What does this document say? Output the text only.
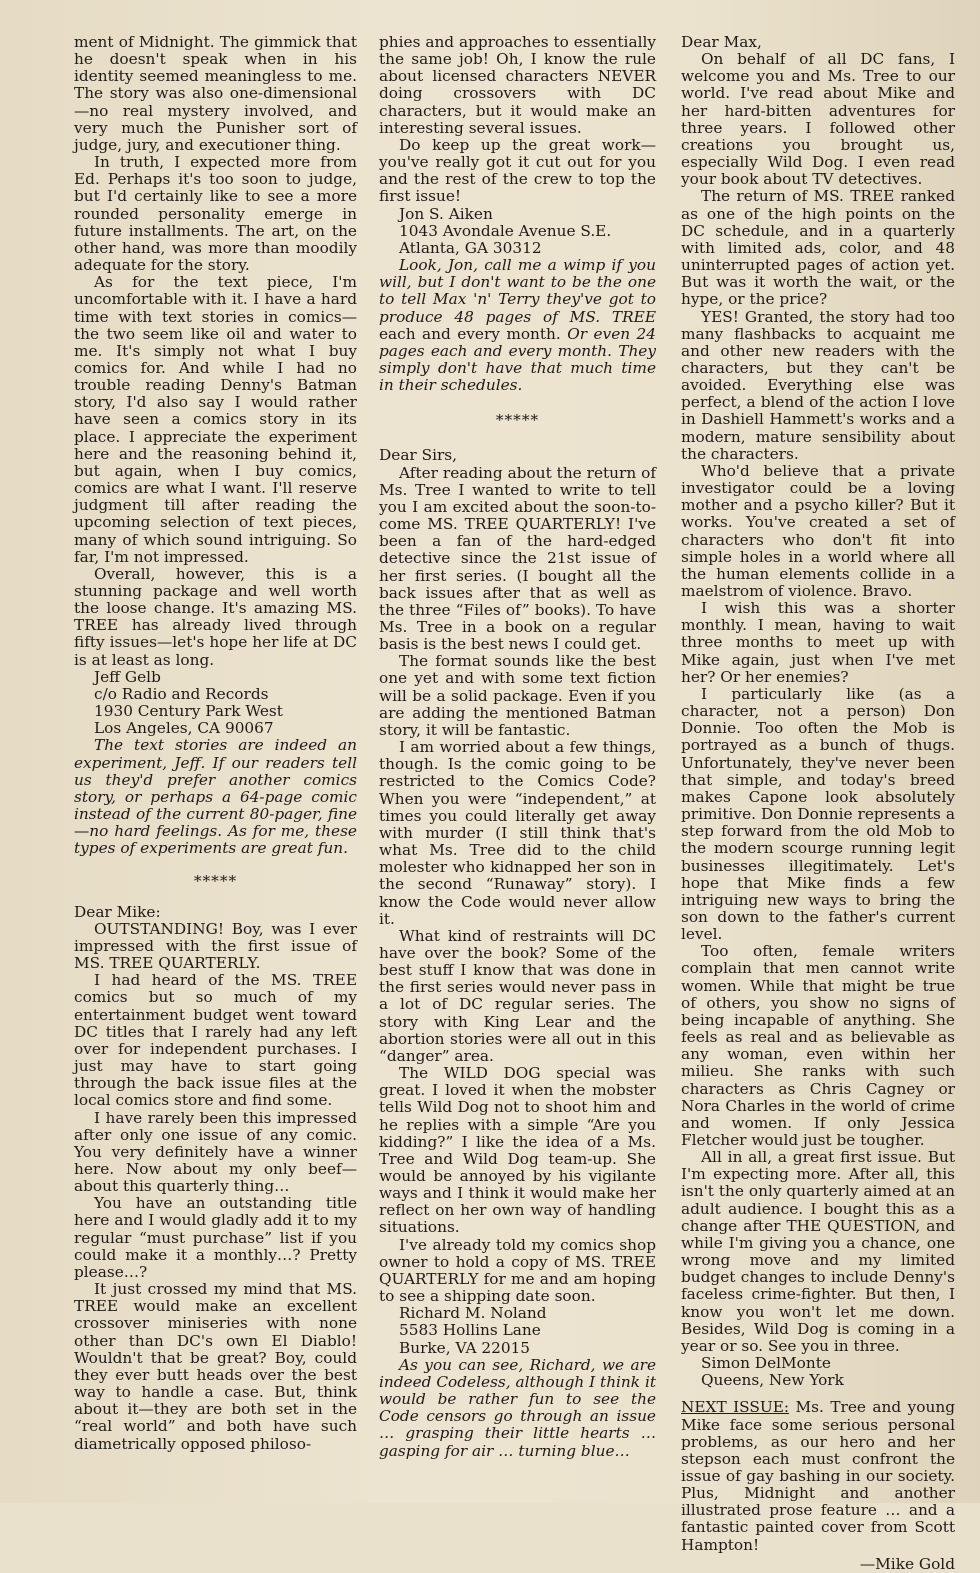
ment of Midnight. The gimmick that he doesn't speak when in his identity seemed meaningless to me. The story was also one-dimensional—no real mystery involved, and very much the Punisher sort of judge, jury, and executioner thing.

In truth, I expected more from Ed. Perhaps it's too soon to judge, but I'd certainly like to see a more rounded personality emerge in future installments. The art, on the other hand, was more than moodily adequate for the story.

As for the text piece, I'm uncomfortable with it. I have a hard time with text stories in comics—the two seem like oil and water to me. It's simply not what I buy comics for. And while I had no trouble reading Denny's Batman story, I'd also say I would rather have seen a comics story in its place. I appreciate the experiment here and the reasoning behind it, but again, when I buy comics, comics are what I want. I'll reserve judgment till after reading the upcoming selection of text pieces, many of which sound intriguing. So far, I'm not impressed.

Overall, however, this is a stunning package and well worth the loose change. It's amazing MS. TREE has already lived through fifty issues—let's hope her life at DC is at least as long.

Jeff Gelb

c/o Radio and Records

1930 Century Park West

Los Angeles, CA 90067

The text stories are indeed an experiment, Jeff. If our readers tell us they'd prefer another comics story, or perhaps a 64-page comic instead of the current 80-pager, fine—no hard feelings. As for me, these types of experiments are great fun.

*****

Dear Mike:

OUTSTANDING! Boy, was I ever impressed with the first issue of MS. TREE QUARTERLY.

I had heard of the MS. TREE comics but so much of my entertainment budget went toward DC titles that I rarely had any left over for independent purchases. I just may have to start going through the back issue files at the local comics store and find some.

I have rarely been this impressed after only one issue of any comic. You very definitely have a winner here. Now about my only beef—about this quarterly thing…

You have an outstanding title here and I would gladly add it to my regular “must purchase” list if you could make it a monthly…? Pretty please…?

It just crossed my mind that MS. TREE would make an excellent crossover miniseries with none other than DC's own El Diablo! Wouldn't that be great? Boy, could they ever butt heads over the best way to handle a case. But, think about it—they are both set in the “real world” and both have such diametrically opposed philoso-

phies and approaches to essentially the same job! Oh, I know the rule about licensed characters NEVER doing crossovers with DC characters, but it would make an interesting several issues.

Do keep up the great work—you've really got it cut out for you and the rest of the crew to top the first issue!

Jon S. Aiken

1043 Avondale Avenue S.E.

Atlanta, GA 30312

Look, Jon, call me a wimp if you will, but I don't want to be the one to tell Max 'n' Terry they've got to produce 48 pages of MS. TREE each and every month. Or even 24 pages each and every month. They simply don't have that much time in their schedules.

*****

Dear Sirs,

After reading about the return of Ms. Tree I wanted to write to tell you I am excited about the soon-to-come MS. TREE QUARTERLY! I've been a fan of the hard-edged detective since the 21st issue of her first series. (I bought all the back issues after that as well as the three “Files of” books). To have Ms. Tree in a book on a regular basis is the best news I could get.

The format sounds like the best one yet and with some text fiction will be a solid package. Even if you are adding the mentioned Batman story, it will be fantastic.

I am worried about a few things, though. Is the comic going to be restricted to the Comics Code? When you were “independent,” at times you could literally get away with murder (I still think that's what Ms. Tree did to the child molester who kidnapped her son in the second “Runaway” story). I know the Code would never allow it.

What kind of restraints will DC have over the book? Some of the best stuff I know that was done in the first series would never pass in a lot of DC regular series. The story with King Lear and the abortion stories were all out in this “danger” area.

The WILD DOG special was great. I loved it when the mobster tells Wild Dog not to shoot him and he replies with a simple “Are you kidding?” I like the idea of a Ms. Tree and Wild Dog team-up. She would be annoyed by his vigilante ways and I think it would make her reflect on her own way of handling situations.

I've already told my comics shop owner to hold a copy of MS. TREE QUARTERLY for me and am hoping to see a shipping date soon.

Richard M. Noland

5583 Hollins Lane

Burke, VA 22015

As you can see, Richard, we are indeed Codeless, although I think it would be rather fun to see the Code censors go through an issue … grasping their little hearts … gasping for air … turning blue…

Dear Max,

On behalf of all DC fans, I welcome you and Ms. Tree to our world. I've read about Mike and her hard-bitten adventures for three years. I followed other creations you brought us, especially Wild Dog. I even read your book about TV detectives.

The return of MS. TREE ranked as one of the high points on the DC schedule, and in a quarterly with limited ads, color, and 48 uninterrupted pages of action yet. But was it worth the wait, or the hype, or the price?

YES! Granted, the story had too many flashbacks to acquaint me and other new readers with the characters, but they can't be avoided. Everything else was perfect, a blend of the action I love in Dashiell Hammett's works and a modern, mature sensibility about the characters.

Who'd believe that a private investigator could be a loving mother and a psycho killer? But it works. You've created a set of characters who don't fit into simple holes in a world where all the human elements collide in a maelstrom of violence. Bravo.

I wish this was a shorter monthly. I mean, having to wait three months to meet up with Mike again, just when I've met her? Or her enemies?

I particularly like (as a character, not a person) Don Donnie. Too often the Mob is portrayed as a bunch of thugs. Unfortunately, they've never been that simple, and today's breed makes Capone look absolutely primitive. Don Donnie represents a step forward from the old Mob to the modern scourge running legit businesses illegitimately. Let's hope that Mike finds a few intriguing new ways to bring the son down to the father's current level.

Too often, female writers complain that men cannot write women. While that might be true of others, you show no signs of being incapable of anything. She feels as real and as believable as any woman, even within her milieu. She ranks with such characters as Chris Cagney or Nora Charles in the world of crime and women. If only Jessica Fletcher would just be tougher.

All in all, a great first issue. But I'm expecting more. After all, this isn't the only quarterly aimed at an adult audience. I bought this as a change after THE QUESTION, and while I'm giving you a chance, one wrong move and my limited budget changes to include Denny's faceless crime-fighter. But then, I know you won't let me down. Besides, Wild Dog is coming in a year or so. See you in three.

Simon DelMonte

Queens, New York

NEXT ISSUE: Ms. Tree and young Mike face some serious personal problems, as our hero and her stepson each must confront the issue of gay bashing in our society. Plus, Midnight and another illustrated prose feature … and a fantastic painted cover from Scott Hampton!

—Mike Gold
